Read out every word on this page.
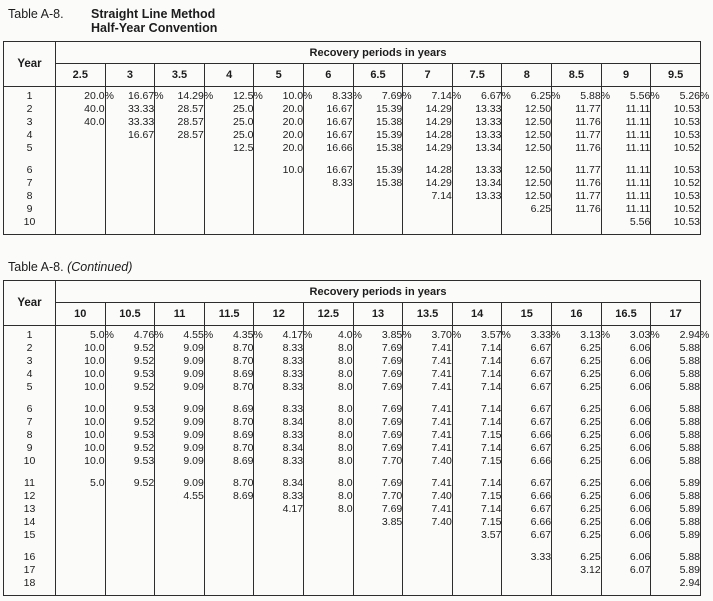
Table A-8.	Straight Line Method
Half-Year Convention
Year	Recovery periods in years												
	2.5	3	3.5	4	5	6	6.5	7	7.5	8	8.5	9	9.5

1	20.0%	16.67%	14.29%	12.5%	10.0%	8.33%	7.69%	7.14%	6.67%	6.25%	5.88%	5.56%	5.26%
2	40.0	33.33	28.57	25.0	20.0	16.67	15.39	14.29	13.33	12.50	11.77	11.11	10.53
3	40.0	33.33	28.57	25.0	20.0	16.67	15.38	14.29	13.33	12.50	11.76	11.11	10.53
4		16.67	28.57	25.0	20.0	16.67	15.39	14.28	13.33	12.50	11.77	11.11	10.53
5				12.5	20.0	16.66	15.38	14.29	13.34	12.50	11.76	11.11	10.52

6					10.0	16.67	15.39	14.28	13.33	12.50	11.77	11.11	10.53
7						8.33	15.38	14.29	13.34	12.50	11.76	11.11	10.52
8								7.14	13.33	12.50	11.77	11.11	10.53
9										6.25	11.76	11.11	10.52
10												5.56	10.53

Table A-8. (Continued)
Year	Recovery periods in years												
	10	10.5	11	11.5	12	12.5	13	13.5	14	15	16	16.5	17

1	5.0%	4.76%	4.55%	4.35%	4.17%	4.0%	3.85%	3.70%	3.57%	3.33%	3.13%	3.03%	2.94%
2	10.0	9.52	9.09	8.70	8.33	8.0	7.69	7.41	7.14	6.67	6.25	6.06	5.88
3	10.0	9.52	9.09	8.70	8.33	8.0	7.69	7.41	7.14	6.67	6.25	6.06	5.88
4	10.0	9.53	9.09	8.69	8.33	8.0	7.69	7.41	7.14	6.67	6.25	6.06	5.88
5	10.0	9.52	9.09	8.70	8.33	8.0	7.69	7.41	7.14	6.67	6.25	6.06	5.88

6	10.0	9.53	9.09	8.69	8.33	8.0	7.69	7.41	7.14	6.67	6.25	6.06	5.88
7	10.0	9.52	9.09	8.70	8.34	8.0	7.69	7.41	7.14	6.67	6.25	6.06	5.88
8	10.0	9.53	9.09	8.69	8.33	8.0	7.69	7.41	7.15	6.66	6.25	6.06	5.88
9	10.0	9.52	9.09	8.70	8.34	8.0	7.69	7.41	7.14	6.67	6.25	6.06	5.88
10	10.0	9.53	9.09	8.69	8.33	8.0	7.70	7.40	7.15	6.66	6.25	6.06	5.88

11	5.0	9.52	9.09	8.70	8.34	8.0	7.69	7.41	7.14	6.67	6.25	6.06	5.89
12			4.55	8.69	8.33	8.0	7.70	7.40	7.15	6.66	6.25	6.06	5.88
13					4.17	8.0	7.69	7.41	7.14	6.67	6.25	6.06	5.89
14							3.85	7.40	7.15	6.66	6.25	6.06	5.88
15									3.57	6.67	6.25	6.06	5.89

16										3.33	6.25	6.06	5.88
17											3.12	6.07	5.89
18													2.94
